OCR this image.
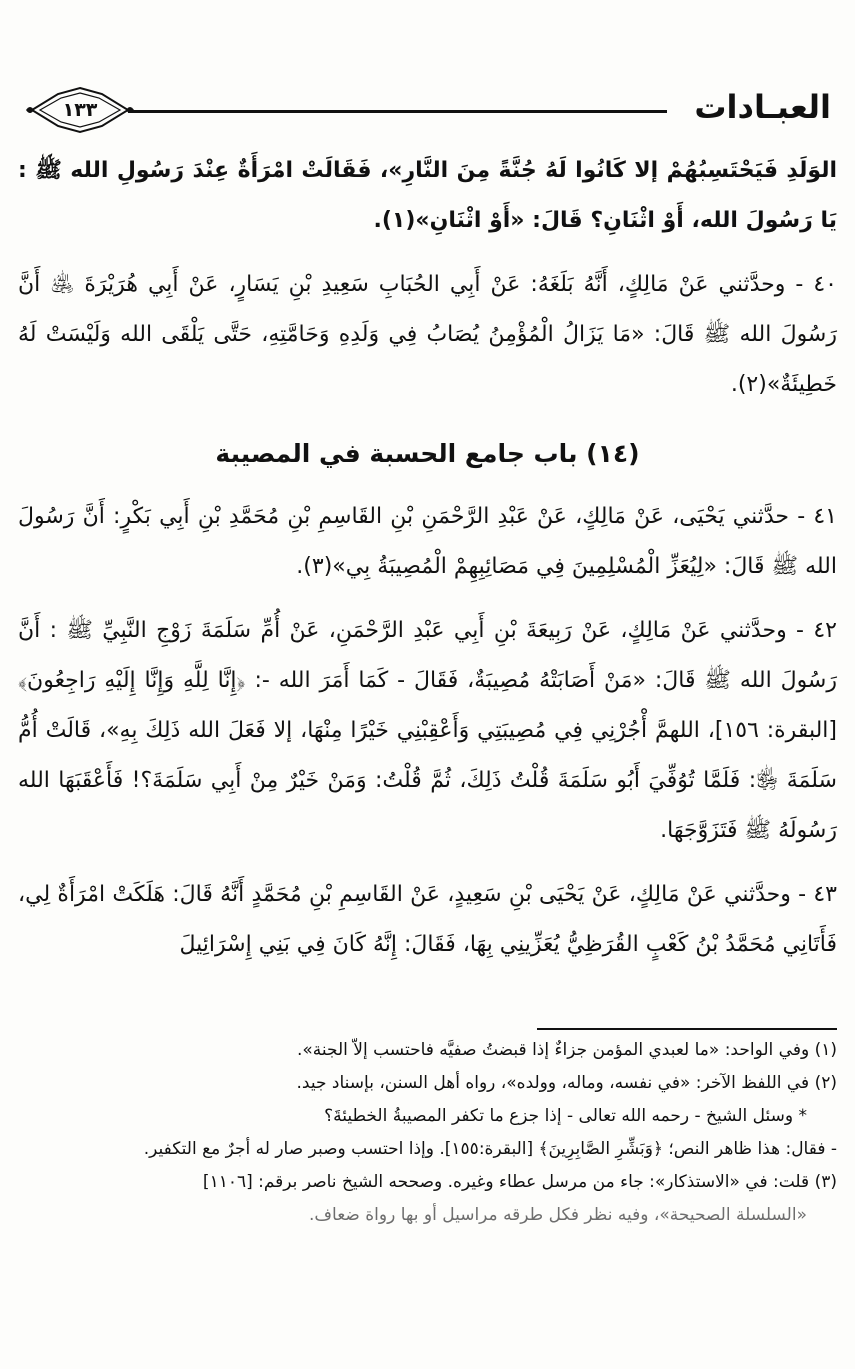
العبـادات
١٣٣

الوَلَدِ فَيَحْتَسِبُهُمْ إلا كَانُوا لَهُ جُنَّةً مِنَ النَّارِ»، فَقَالَتْ امْرَأَةٌ عِنْدَ رَسُولِ الله ﷺ : يَا رَسُولَ الله، أَوْ اثْنَانِ؟ قَالَ: «أَوْ اثْنَانِ»(١).

٤٠ - وحدَّثني عَنْ مَالِكٍ، أَنَّهُ بَلَغَهُ: عَنْ أَبِي الحُبَابِ سَعِيدِ بْنِ يَسَارٍ، عَنْ أَبِي هُرَيْرَةَ ﵁ أَنَّ رَسُولَ الله ﷺ قَالَ: «مَا يَزَالُ الْمُؤْمِنُ يُصَابُ فِي وَلَدِهِ وَحَامَّتِهِ، حَتَّى يَلْقَى الله وَلَيْسَتْ لَهُ خَطِيئَةٌ»(٢).

(١٤) باب جامع الحسبة في المصيبة

٤١ - حدَّثني يَحْيَى، عَنْ مَالِكٍ، عَنْ عَبْدِ الرَّحْمَنِ بْنِ القَاسِمِ بْنِ مُحَمَّدِ بْنِ أَبِي بَكْرٍ: أَنَّ رَسُولَ الله ﷺ قَالَ: «لِيُعَزِّ الْمُسْلِمِينَ فِي مَصَائِبِهِمْ الْمُصِيبَةُ بِي»(٣).

٤٢ - وحدَّثني عَنْ مَالِكٍ، عَنْ رَبِيعَةَ بْنِ أَبِي عَبْدِ الرَّحْمَنِ، عَنْ أُمِّ سَلَمَةَ زَوْجِ النَّبِيِّ ﷺ : أَنَّ رَسُولَ الله ﷺ قَالَ: «مَنْ أَصَابَتْهُ مُصِيبَةٌ، فَقَالَ - كَمَا أَمَرَ الله -: ﴿إِنَّا لِلَّهِ وَإِنَّا إِلَيْهِ رَاجِعُونَ﴾ [البقرة: ١٥٦]، اللهمَّ أْجُرْنِي فِي مُصِيبَتِي وَأَعْقِبْنِي خَيْرًا مِنْهَا، إلا فَعَلَ الله ذَلِكَ بِهِ»، قَالَتْ أُمُّ سَلَمَةَ ﵂: فَلَمَّا تُوُفِّيَ أَبُو سَلَمَةَ قُلْتُ ذَلِكَ، ثُمَّ قُلْتُ: وَمَنْ خَيْرٌ مِنْ أَبِي سَلَمَةَ؟! فَأَعْقَبَهَا الله رَسُولَهُ ﷺ فَتَزَوَّجَهَا.

٤٣ - وحدَّثني عَنْ مَالِكٍ، عَنْ يَحْيَى بْنِ سَعِيدٍ، عَنْ القَاسِمِ بْنِ مُحَمَّدٍ أَنَّهُ قَالَ: هَلَكَتْ امْرَأَةٌ لِي، فَأَتَانِي مُحَمَّدُ بْنُ كَعْبٍ القُرَظِيُّ يُعَزِّينِي بِهَا، فَقَالَ: إِنَّهُ كَانَ فِي بَنِي إِسْرَائِيلَ

(١) وفي الواحد: «ما لعبدي المؤمن جزاءٌ إذا قبضتُ صفيَّه فاحتسب إلاّ الجنة».

(٢) في اللفظ الآخر: «في نفسه، وماله، وولده»، رواه أهل السنن، بإسناد جيد.

* وسئل الشيخ - رحمه الله تعالى - إذا جزع ما تكفر المصيبةُ الخطيئةَ؟

- فقال: هذا ظاهر النص؛ ﴿وَبَشِّرِ الصَّابِرِينَ﴾ [البقرة:١٥٥]. وإذا احتسب وصبر صار له أجرٌ مع التكفير.

(٣) قلت: في «الاستذكار»: جاء من مرسل عطاء وغيره. وصححه الشيخ ناصر برقم: [١١٠٦]

«السلسلة الصحيحة»، وفيه نظر فكل طرقه مراسيل أو بها رواة ضعاف.
